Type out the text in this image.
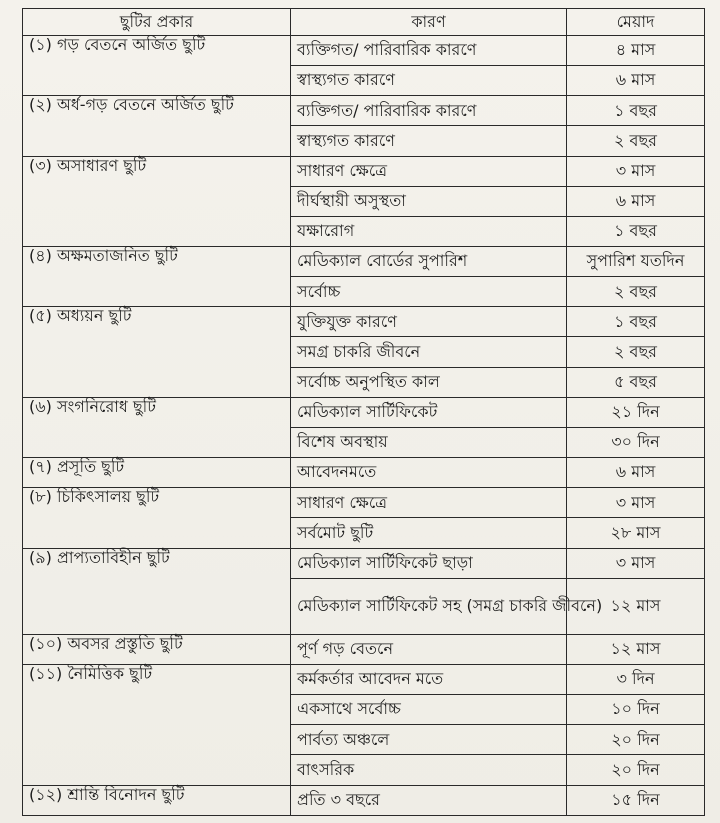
ছুটির প্রকার	কারণ	মেয়াদ
(১) গড় বেতনে অর্জিত ছুটি	ব্যক্তিগত/ পারিবারিক কারণে	৪ মাস
	স্বাস্থ্যগত কারণে	৬ মাস
(২) অর্ধ-গড় বেতনে অর্জিত ছুটি	ব্যক্তিগত/ পারিবারিক কারণে	১ বছর
	স্বাস্থ্যগত কারণে	২ বছর
(৩) অসাধারণ ছুটি	সাধারণ ক্ষেত্রে	৩ মাস
	দীর্ঘস্থায়ী অসুস্থতা	৬ মাস
	যক্ষারোগ	১ বছর
(৪) অক্ষমতাজনিত ছুটি	মেডিক্যাল বোর্ডের সুপারিশ	সুপারিশ যতদিন
	সর্বোচ্চ	২ বছর
(৫) অধ্যয়ন ছুটি	যুক্তিযুক্ত কারণে	১ বছর
	সমগ্র চাকরি জীবনে	২ বছর
	সর্বোচ্চ অনুপস্থিত কাল	৫ বছর
(৬) সংগনিরোধ ছুটি	মেডিক্যাল সার্টিফিকেট	২১ দিন
	বিশেষ অবস্থায়	৩০ দিন
(৭) প্রসূতি ছুটি	আবেদনমতে	৬ মাস
(৮) চিকিৎসালয় ছুটি	সাধারণ ক্ষেত্রে	৩ মাস
	সর্বমোট ছুটি	২৮ মাস
(৯) প্রাপ্যতাবিহীন ছুটি	মেডিক্যাল সার্টিফিকেট ছাড়া	৩ মাস
	মেডিক্যাল সার্টিফিকেট সহ (সমগ্র চাকরি জীবনে)	১২ মাস
(১০) অবসর প্রস্তুতি ছুটি	পূর্ণ গড় বেতনে	১২ মাস
(১১) নৈমিত্তিক ছুটি	কর্মকর্তার আবেদন মতে	৩ দিন
	একসাথে সর্বোচ্চ	১০ দিন
	পার্বত্য অঞ্চলে	২০ দিন
	বাৎসরিক	২০ দিন
(১২) শ্রান্তি বিনোদন ছুটি	প্রতি ৩ বছরে	১৫ দিন
